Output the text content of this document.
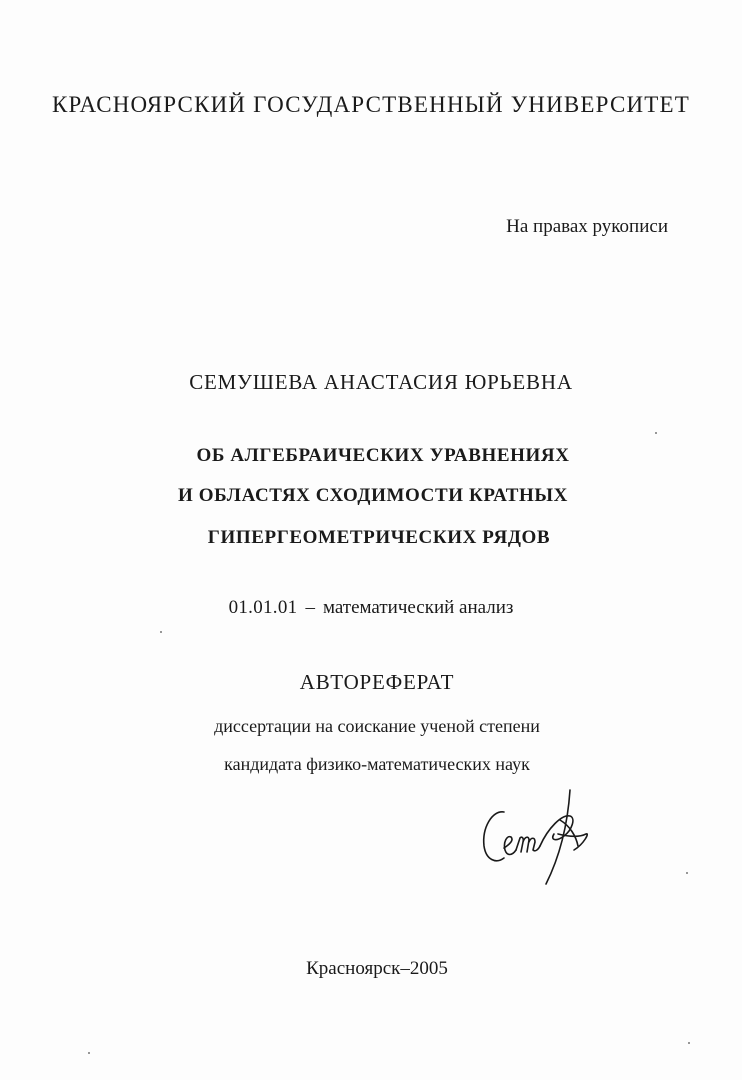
КРАСНОЯРСКИЙ ГОСУДАРСТВЕННЫЙ УНИВЕРСИТЕТ
На правах рукописи
СЕМУШЕВА АНАСТАСИЯ ЮРЬЕВНА
ОБ АЛГЕБРАИЧЕСКИХ УРАВНЕНИЯХ
И ОБЛАСТЯХ СХОДИМОСТИ КРАТНЫХ
ГИПЕРГЕОМЕТРИЧЕСКИХ РЯДОВ
01.01.01 – математический анализ
АВТОРЕФЕРАТ
диссертации на соискание ученой степени
кандидата физико-математических наук
Красноярск–2005
